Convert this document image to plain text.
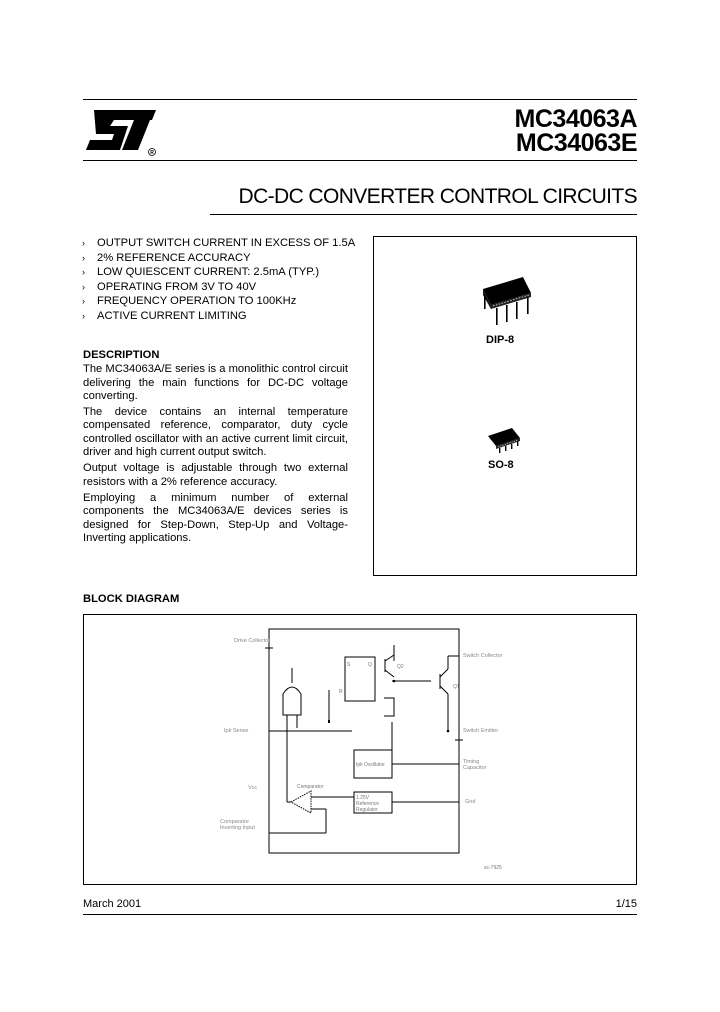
R
MC34063A
MC34063E
DC-DC CONVERTER CONTROL CIRCUITS
› OUTPUT SWITCH CURRENT IN EXCESS OF 1.5A
› 2% REFERENCE ACCURACY
› LOW QUIESCENT CURRENT: 2.5mA (TYP.)
› OPERATING FROM 3V TO 40V
› FREQUENCY OPERATION TO 100KHz
› ACTIVE CURRENT LIMITING
DESCRIPTION

The MC34063A/E series is a monolithic control circuit delivering the main functions for DC-DC voltage converting.

The device contains an internal temperature compensated reference, comparator, duty cycle controlled oscillator with an active current limit circuit, driver and high current output switch.

Output voltage is adjustable through two external resistors with a 2% reference accuracy.

Employing a minimum number of external components the MC34063A/E devices series is designed for Step-Down, Step-Up and Voltage-Inverting applications.

DIP-8
SO-8
BLOCK DIAGRAM
S	Q
R
Q1
Q2
Ipk Oscillator
1.25V
Reference
Regulator
Comparator
sc-7925
Drive Collector
Ipk Sense
Vcc
Comparator Inverting Input
Switch Collector
Switch Emitter
Timing Capacitor
Gnd
March 2001	1/15
